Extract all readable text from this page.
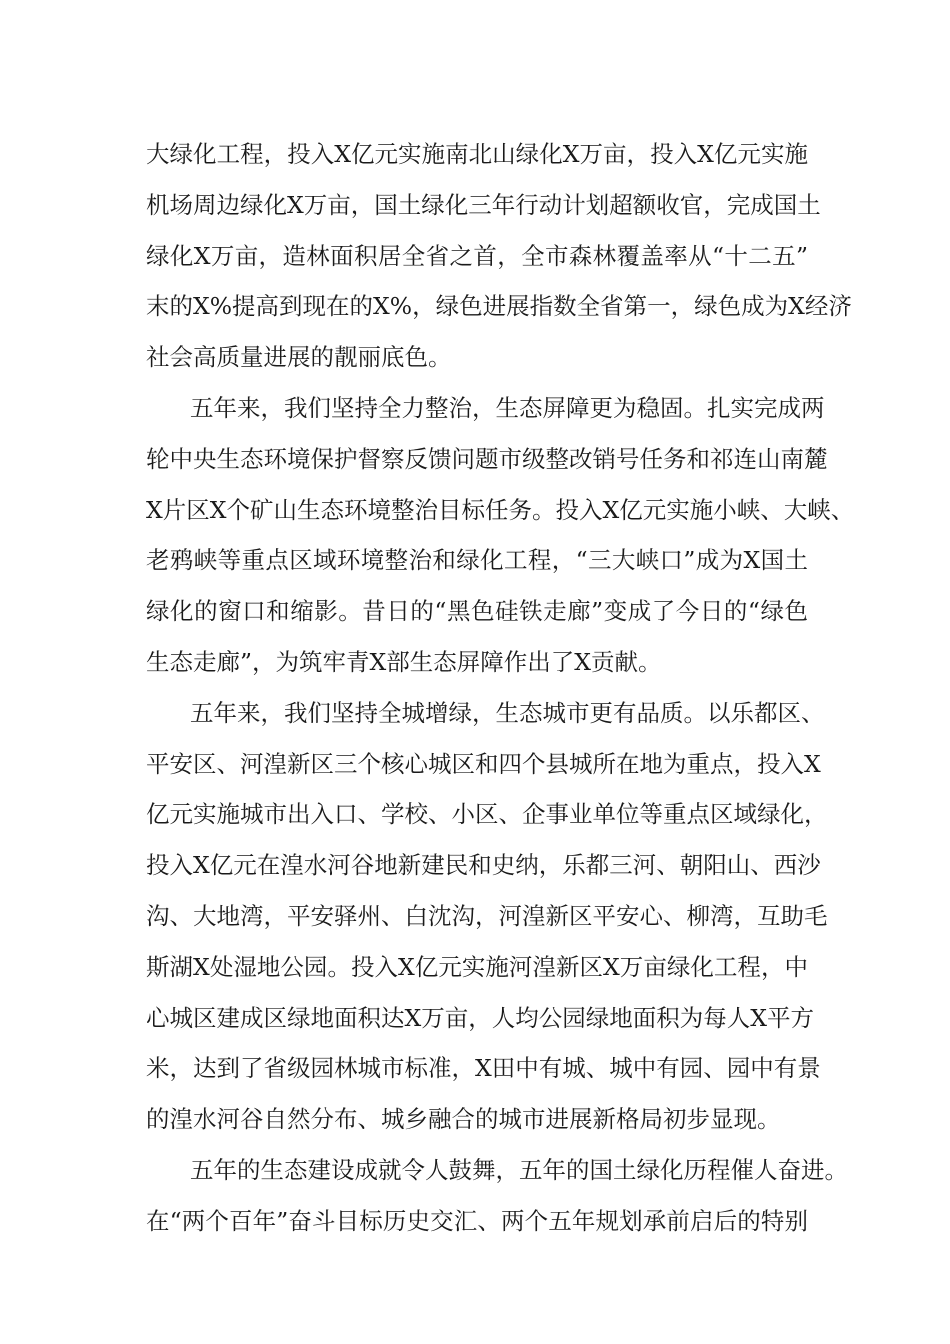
大绿化工程，投入X亿元实施南北山绿化X万亩，投入X亿元实施
机场周边绿化X万亩，国土绿化三年行动计划超额收官，完成国土
绿化X万亩，造林面积居全省之首，全市森林覆盖率从“十二五”
末的X%提高到现在的X%，绿色进展指数全省第一，绿色成为X经济
社会高质量进展的靓丽底色。
五年来，我们坚持全力整治，生态屏障更为稳固。扎实完成两
轮中央生态环境保护督察反馈问题市级整改销号任务和祁连山南麓
X片区X个矿山生态环境整治目标任务。投入X亿元实施小峡、大峡、
老鸦峡等重点区域环境整治和绿化工程，“三大峡口”成为X国土
绿化的窗口和缩影。昔日的“黑色硅铁走廊”变成了今日的“绿色
生态走廊”，为筑牢青X部生态屏障作出了X贡献。
五年来，我们坚持全城增绿，生态城市更有品质。以乐都区、
平安区、河湟新区三个核心城区和四个县城所在地为重点，投入X
亿元实施城市出入口、学校、小区、企事业单位等重点区域绿化，
投入X亿元在湟水河谷地新建民和史纳，乐都三河、朝阳山、西沙
沟、大地湾，平安驿州、白沈沟，河湟新区平安心、柳湾，互助毛
斯湖X处湿地公园。投入X亿元实施河湟新区X万亩绿化工程，中
心城区建成区绿地面积达X万亩，人均公园绿地面积为每人X平方
米，达到了省级园林城市标准，X田中有城、城中有园、园中有景
的湟水河谷自然分布、城乡融合的城市进展新格局初步显现。
五年的生态建设成就令人鼓舞，五年的国土绿化历程催人奋进。
在“两个百年”奋斗目标历史交汇、两个五年规划承前启后的特别
